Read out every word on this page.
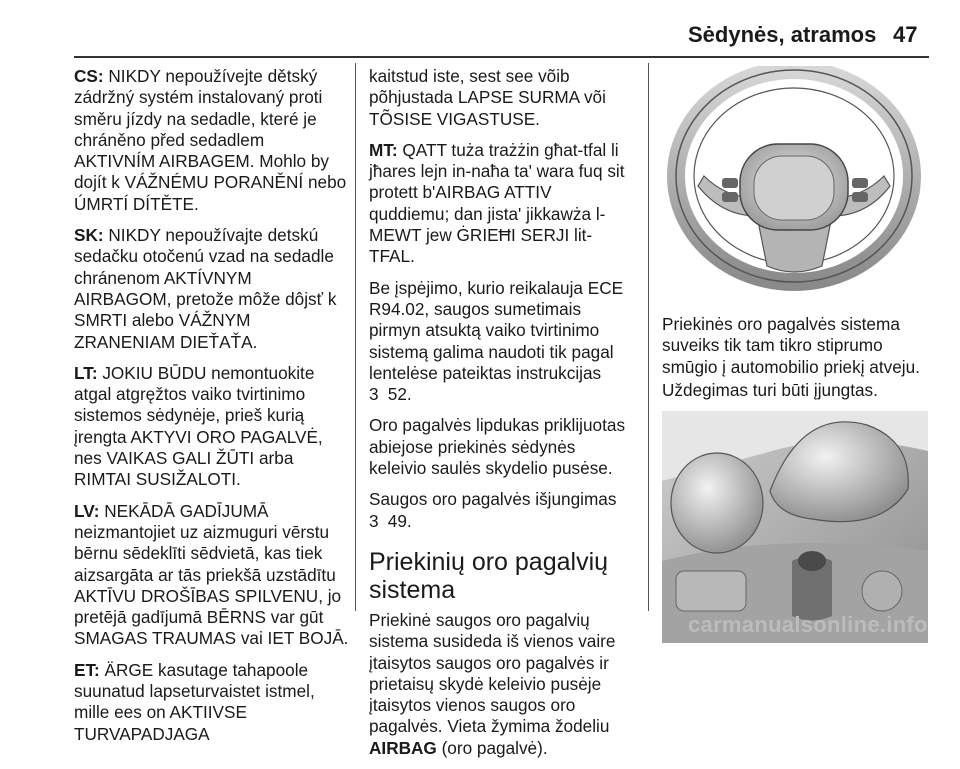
Sėdynės, atramos 47

CS: NIKDY nepoužívejte dětský zádržný systém instalovaný proti směru jízdy na sedadle, které je chráněno před sedadlem AKTIVNÍM AIRBAGEM. Mohlo by dojít k VÁŽNÉMU PORANĚNÍ nebo ÚMRTÍ DÍTĚTE.

SK: NIKDY nepoužívajte detskú sedačku otočenú vzad na sedadle chránenom AKTÍVNYM AIRBAGOM, pretože môže dôjsť k SMRTI alebo VÁŽNYM ZRANENIAM DIEŤAŤA.

LT: JOKIU BŪDU nemontuokite atgal atgręžtos vaiko tvirtinimo sistemos sėdynėje, prieš kurią įrengta AKTYVI ORO PAGALVĖ, nes VAIKAS GALI ŽŪTI arba RIMTAI SUSIŽALOTI.

LV: NEKĀDĀ GADĪJUMĀ neizmantojiet uz aizmuguri vērstu bērnu sēdeklīti sēdvietā, kas tiek aizsargāta ar tās priekšā uzstādītu AKTĪVU DROŠĪBAS SPILVENU, jo pretējā gadījumā BĒRNS var gūt SMAGAS TRAUMAS vai IET BOJĀ.

ET: ÄRGE kasutage tahapoole suunatud lapseturvaistet istmel, mille ees on AKTIIVSE TURVAPADJAGA

kaitstud iste, sest see võib põhjustada LAPSE SURMA või TÕSISE VIGASTUSE.

MT: QATT tuża trażżin għat-tfal li jħares lejn in-naħa ta' wara fuq sit protett b'AIRBAG ATTIV quddiemu; dan jista' jikkawża l-MEWT jew ĠRIEĦI SERJI lit-TFAL.

Be įspėjimo, kurio reikalauja ECE R94.02, saugos sumetimais pirmyn atsuktą vaiko tvirtinimo sistemą galima naudoti tik pagal lentelėse pateiktas instrukcijas
3 52.

Oro pagalvės lipdukas priklijuotas abiejose priekinės sėdynės keleivio saulės skydelio pusėse.

Saugos oro pagalvės išjungimas
3 49.

Priekinių oro pagalvių sistema

Priekinė saugos oro pagalvių sistema susideda iš vienos vaire įtaisytos saugos oro pagalvės ir prietaisų skydė keleivio pusėje įtaisytos vienos saugos oro pagalvės. Vieta žymima žodeliu AIRBAG (oro pagalvė).

Priekinės oro pagalvės sistema suveiks tik tam tikro stiprumo smūgio į automobilio priekį atveju.

Uždegimas turi būti įjungtas.

carmanualsonline.info
